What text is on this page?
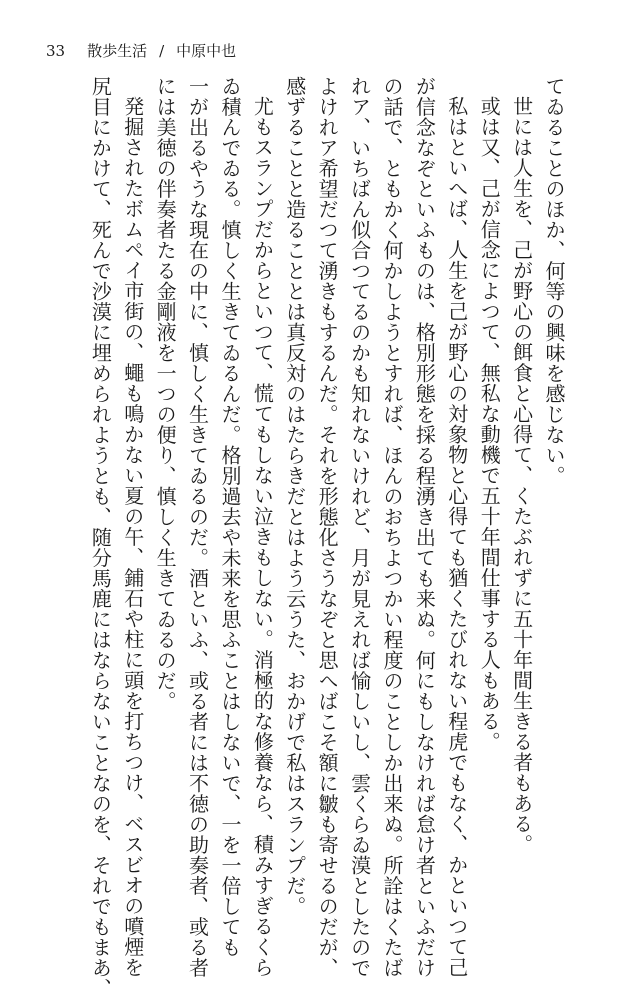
33 散歩生活 / 中原中也
てゐることのほか、何等の興味を感じない。
世には人生を、己が野心の餌食と心得て、くたぶれずに五十年間生きる者もある。
或は又、己が信念によつて、無私な動機で五十年間仕事する人もある。
私はといへば、人生を己が野心の対象物と心得ても猶くたびれない程虎でもなく、かといつて己
が信念なぞといふものは、格別形態を採る程湧き出ても来ぬ。何にもしなければ怠け者といふだけ
の話で、ともかく何かしようとすれば、ほんのおちよつかい程度のことしか出来ぬ。所詮はくたば
れア、いちばん似合つてるのかも知れないけれど、月が見えれば愉しいし、雲くらゐ漠としたので
よけれア希望だつて湧きもするんだ。それを形態化さうなぞと思へばこそ額に皺も寄せるのだが、
感ずることと造ることとは真反対のはたらきだとはよう云うた、おかげで私はスランプだ。
尤もスランプだからといつて、慌てもしない泣きもしない。消極的な修養なら、積みすぎるくら
ゐ積んでゐる。慎しく生きてゐるんだ。格別過去や未来を思ふことはしないで、一を一倍しても
一が出るやうな現在の中に、慎しく生きてゐるのだ。酒といふ、或る者には不徳の助奏者、或る者
には美徳の伴奏者たる金剛液を一つの便り、慎しく生きてゐるのだ。
発掘されたボムペイ市街の、蠅も鳴かない夏の午、鋪石や柱に頭を打ちつけ、ベスビオの噴煙を
尻目にかけて、死んで沙漠に埋められようとも、随分馬鹿にはならないことなのを、それでもまあ、
